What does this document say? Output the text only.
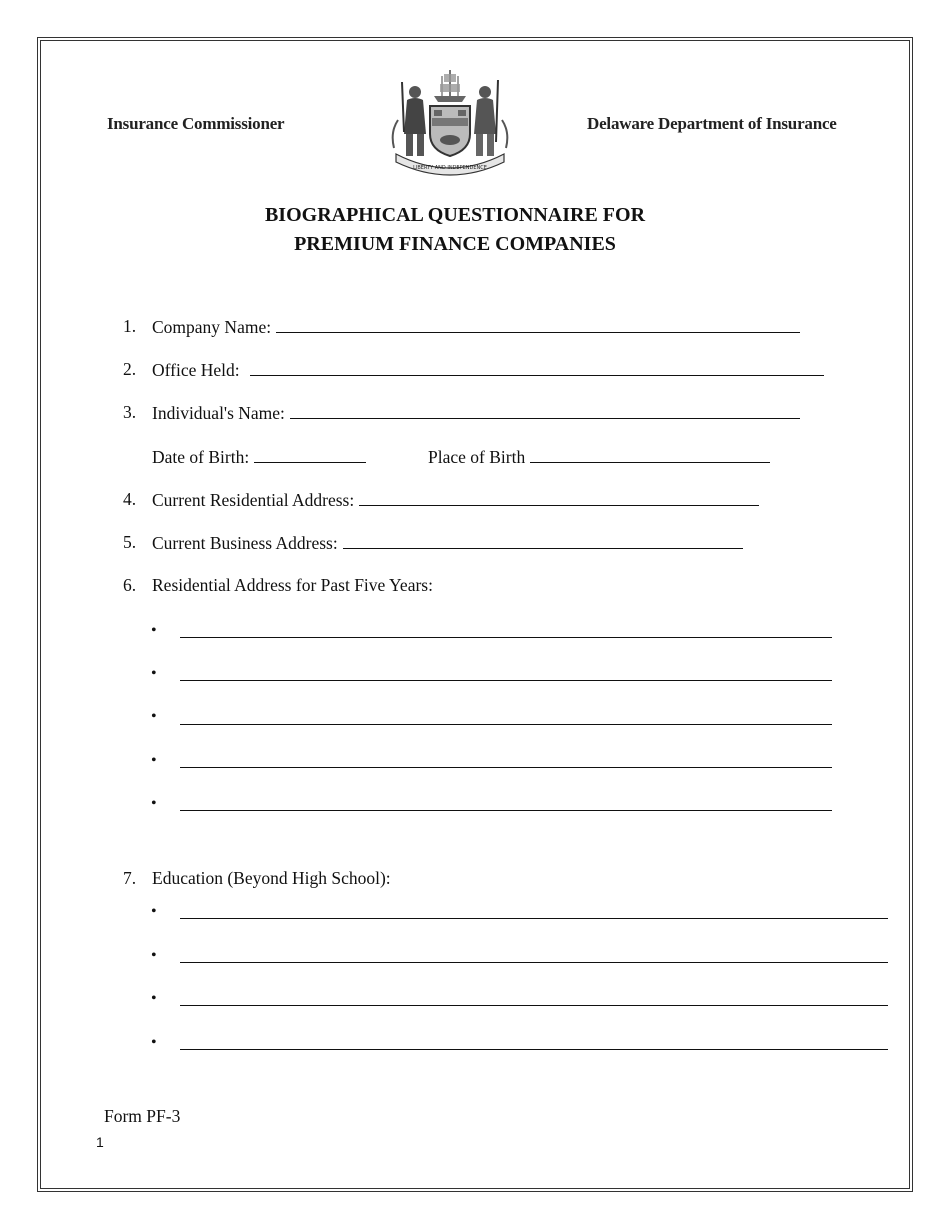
Insurance Commissioner	Delaware Department of Insurance
LIBERTY AND INDEPENDENCE
BIOGRAPHICAL QUESTIONNAIRE FOR
PREMIUM FINANCE COMPANIES
1. Company Name:
2. Office Held:
3. Individual's Name:
Date of Birth:	Place of Birth
4. Current Residential Address:
5. Current Business Address:
6. Residential Address for Past Five Years:
•
•
•
•
•
7. Education (Beyond High School):
•
•
•
•
Form PF-3
1
